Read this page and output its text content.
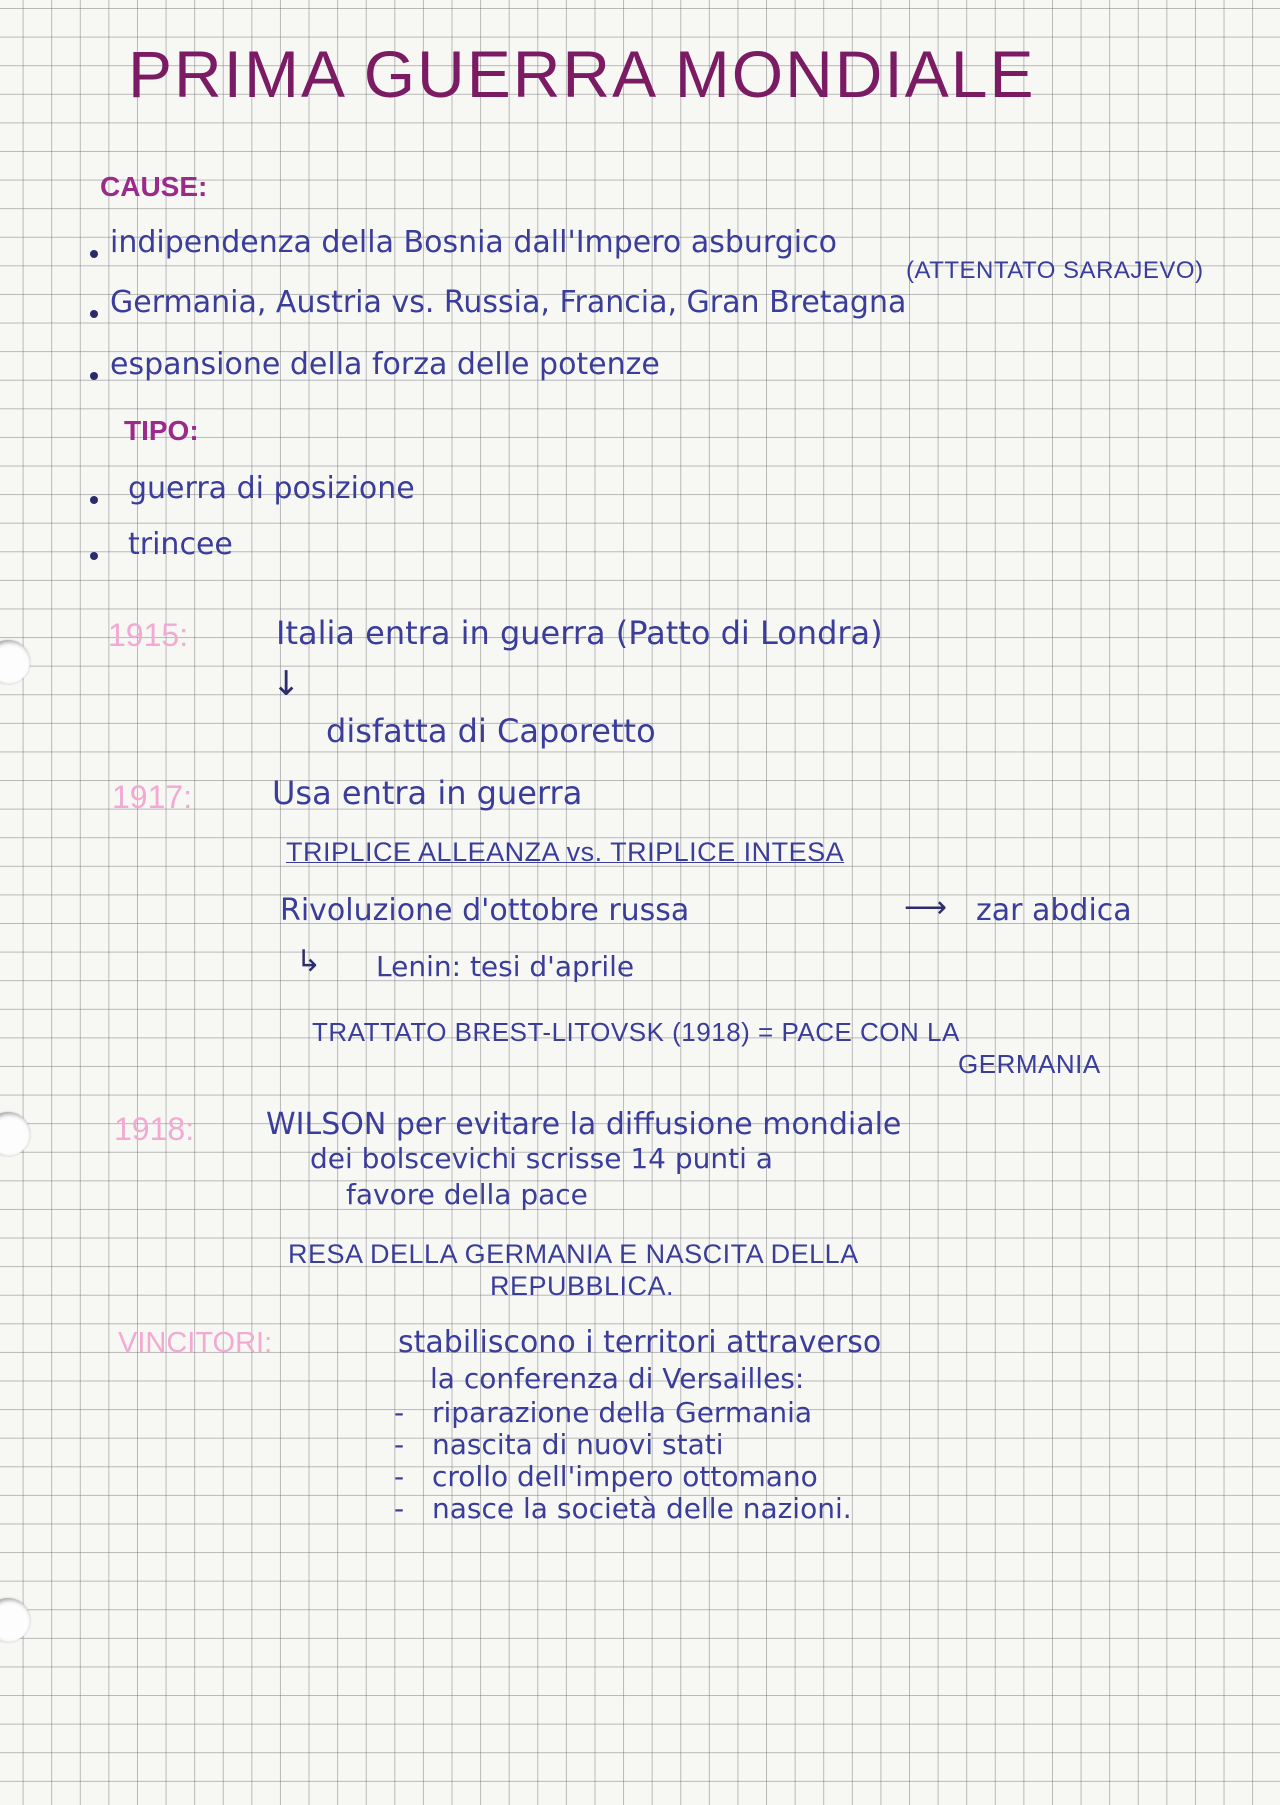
PRIMA GUERRA MONDIALE
CAUSE:
indipendenza della Bosnia dall'Impero asburgico
(ATTENTATO SARAJEVO)
Germania, Austria vs. Russia, Francia, Gran Bretagna
espansione della forza delle potenze
TIPO:
guerra di posizione
trincee
1915:	Italia entra in guerra (Patto di Londra)
↓
disfatta di Caporetto
1917: Usa entra in guerra
TRIPLICE ALLEANZA vs. TRIPLICE INTESA
Rivoluzione d'ottobre russa	⟶ zar abdica
↳ Lenin: tesi d'aprile
TRATTATO BREST-LITOVSK (1918) = PACE CON LA
GERMANIA
1918: WILSON per evitare la diffusione mondiale
dei bolscevichi scrisse 14 punti a
favore della pace
RESA DELLA GERMANIA E NASCITA DELLA
REPUBBLICA.
VINCITORI:	stabiliscono i territori attraverso
la conferenza di Versailles:
- riparazione della Germania
- nascita di nuovi stati
- crollo dell'impero ottomano
- nasce la società delle nazioni.
